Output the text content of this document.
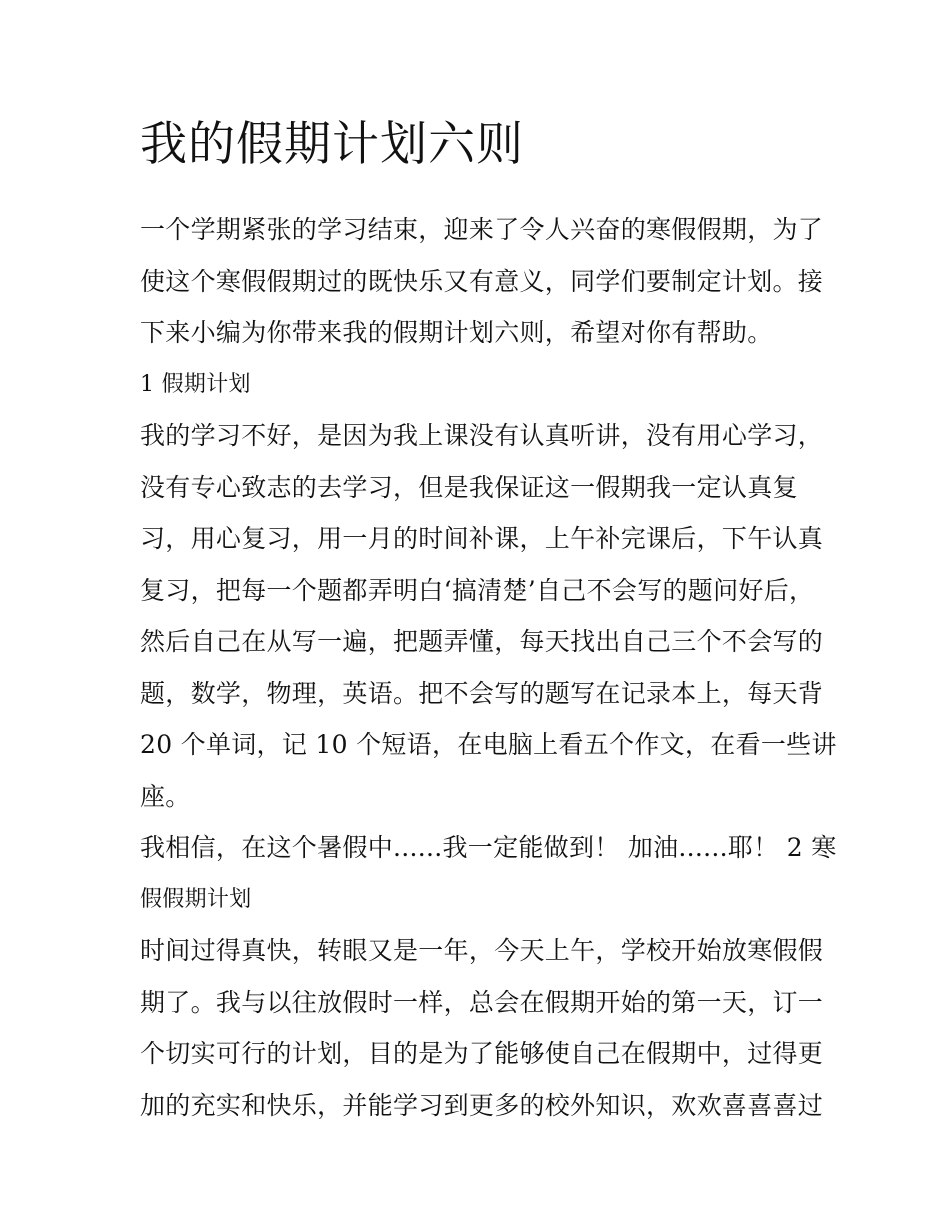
我的假期计划六则
一个学期紧张的学习结束，迎来了令人兴奋的寒假假期，为了
使这个寒假假期过的既快乐又有意义，同学们要制定计划。接
下来小编为你带来我的假期计划六则，希望对你有帮助。
1 假期计划
我的学习不好，是因为我上课没有认真听讲，没有用心学习，
没有专心致志的去学习，但是我保证这一假期我一定认真复
习，用心复习，用一月的时间补课，上午补完课后，下午认真
复习，把每一个题都弄明白‘搞清楚’自己不会写的题问好后，
然后自己在从写一遍，把题弄懂，每天找出自己三个不会写的
题，数学，物理，英语。把不会写的题写在记录本上，每天背
20 个单词，记 10 个短语，在电脑上看五个作文，在看一些讲
座。
我相信，在这个暑假中......我一定能做到！ 加油......耶！ 2 寒
假假期计划
时间过得真快，转眼又是一年，今天上午，学校开始放寒假假
期了。我与以往放假时一样，总会在假期开始的第一天，订一
个切实可行的计划，目的是为了能够使自己在假期中，过得更
加的充实和快乐，并能学习到更多的校外知识，欢欢喜喜喜过
